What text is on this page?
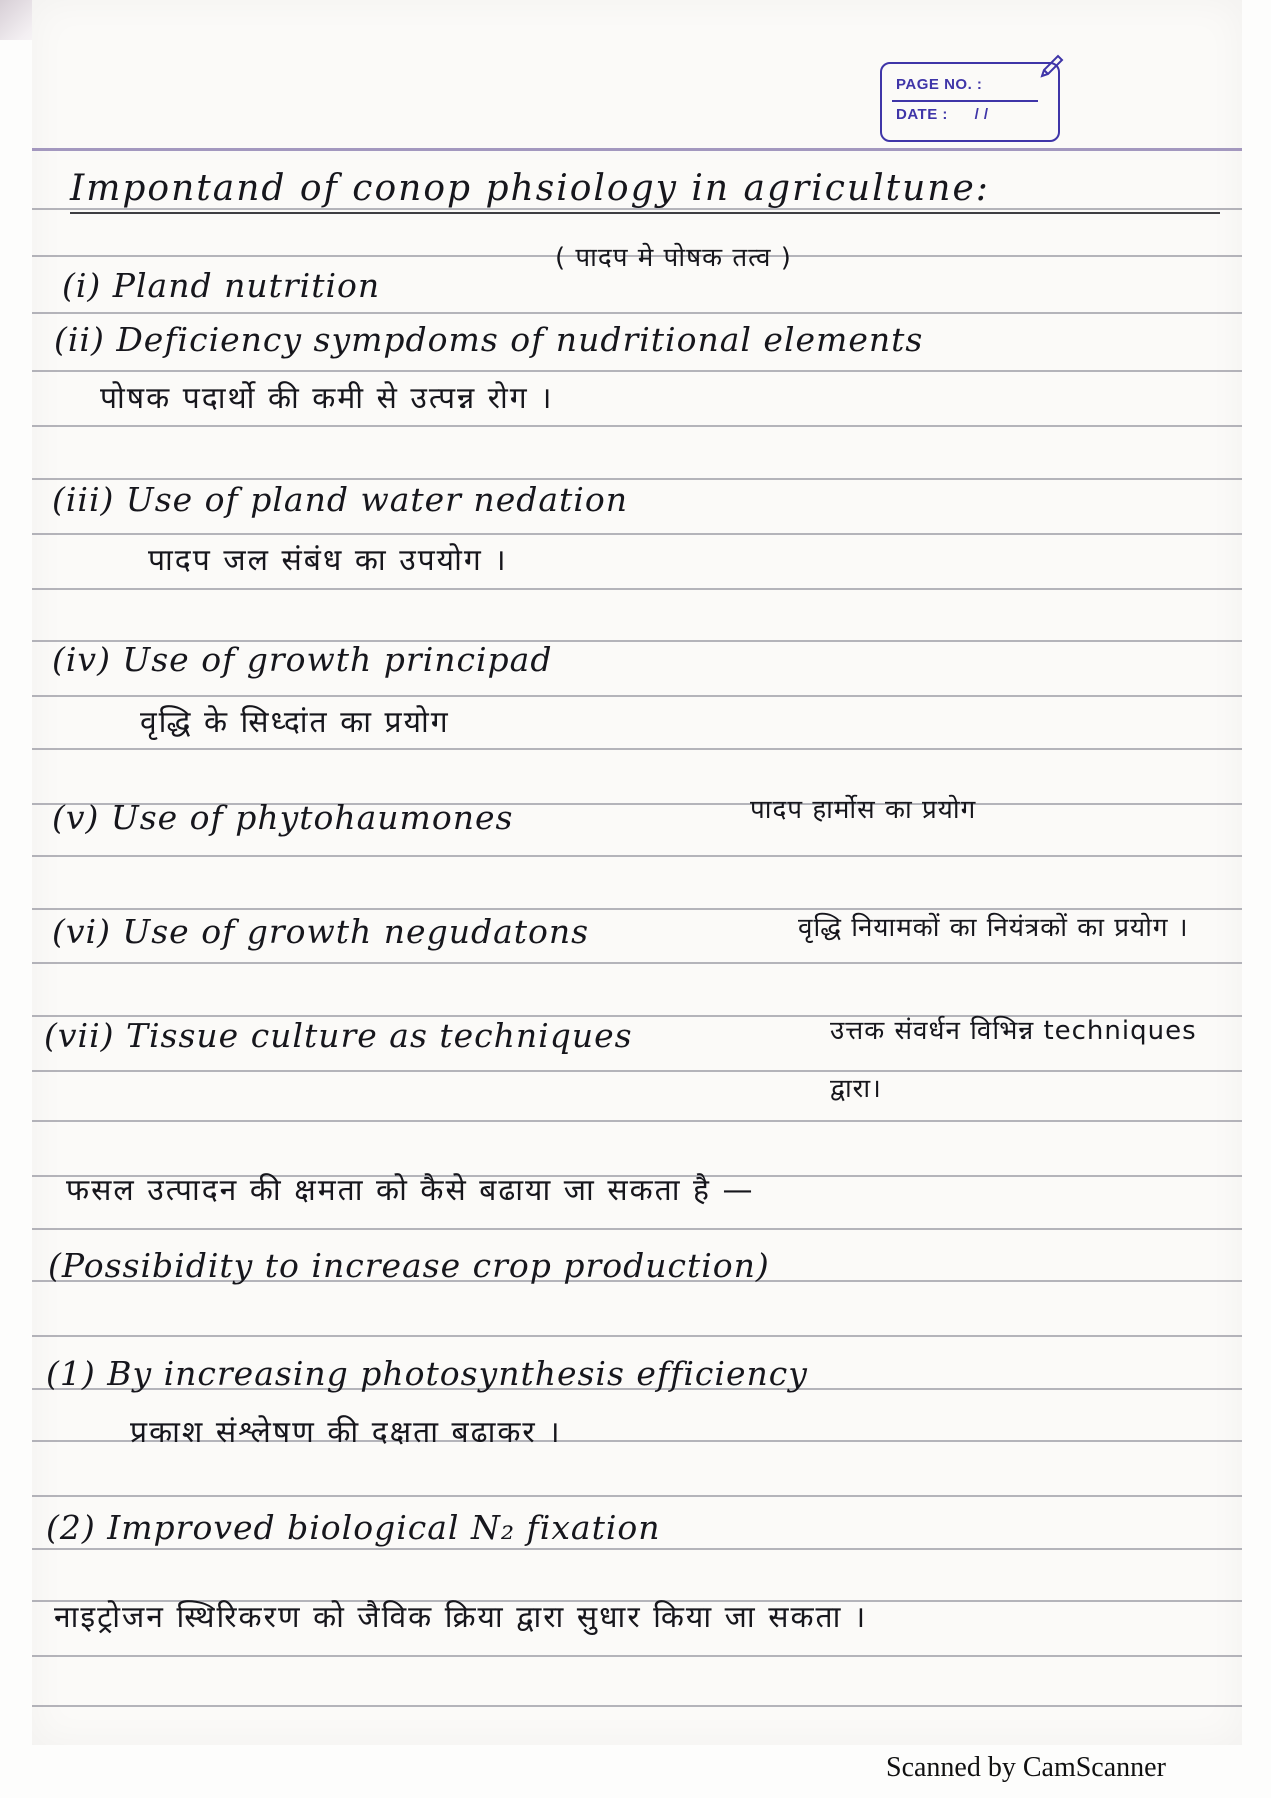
PAGE NO. :
DATE : / /
Impontand of conop phsiology in agricultune:
(i) Pland nutrition
( पादप मे पोषक तत्व )
(ii) Deficiency sympdoms of nudritional elements
पोषक पदार्थो की कमी से उत्पन्न रोग ।
(iii) Use of pland water nedation
पादप जल संबंध का उपयोग ।
(iv) Use of growth principad
वृद्धि के सिध्दांत का प्रयोग
(v) Use of phytohaumones	पादप हार्मोस का प्रयोग
(vi) Use of growth negudatons	वृद्धि नियामकों का नियंत्रकों का प्रयोग ।
(vii) Tissue culture as techniques	उत्तक संवर्धन विभिन्न techniques द्वारा।
फसल उत्पादन की क्षमता को कैसे बढाया जा सकता है —
(Possibidity to increase crop production)
(1) By increasing photosynthesis efficiency
प्रकाश संश्लेषण की दक्षता बढाकर ।
(2) Improved biological N₂ fixation
नाइट्रोजन स्थिरिकरण को जैविक क्रिया द्वारा सुधार किया जा सकता ।
Scanned by CamScanner
